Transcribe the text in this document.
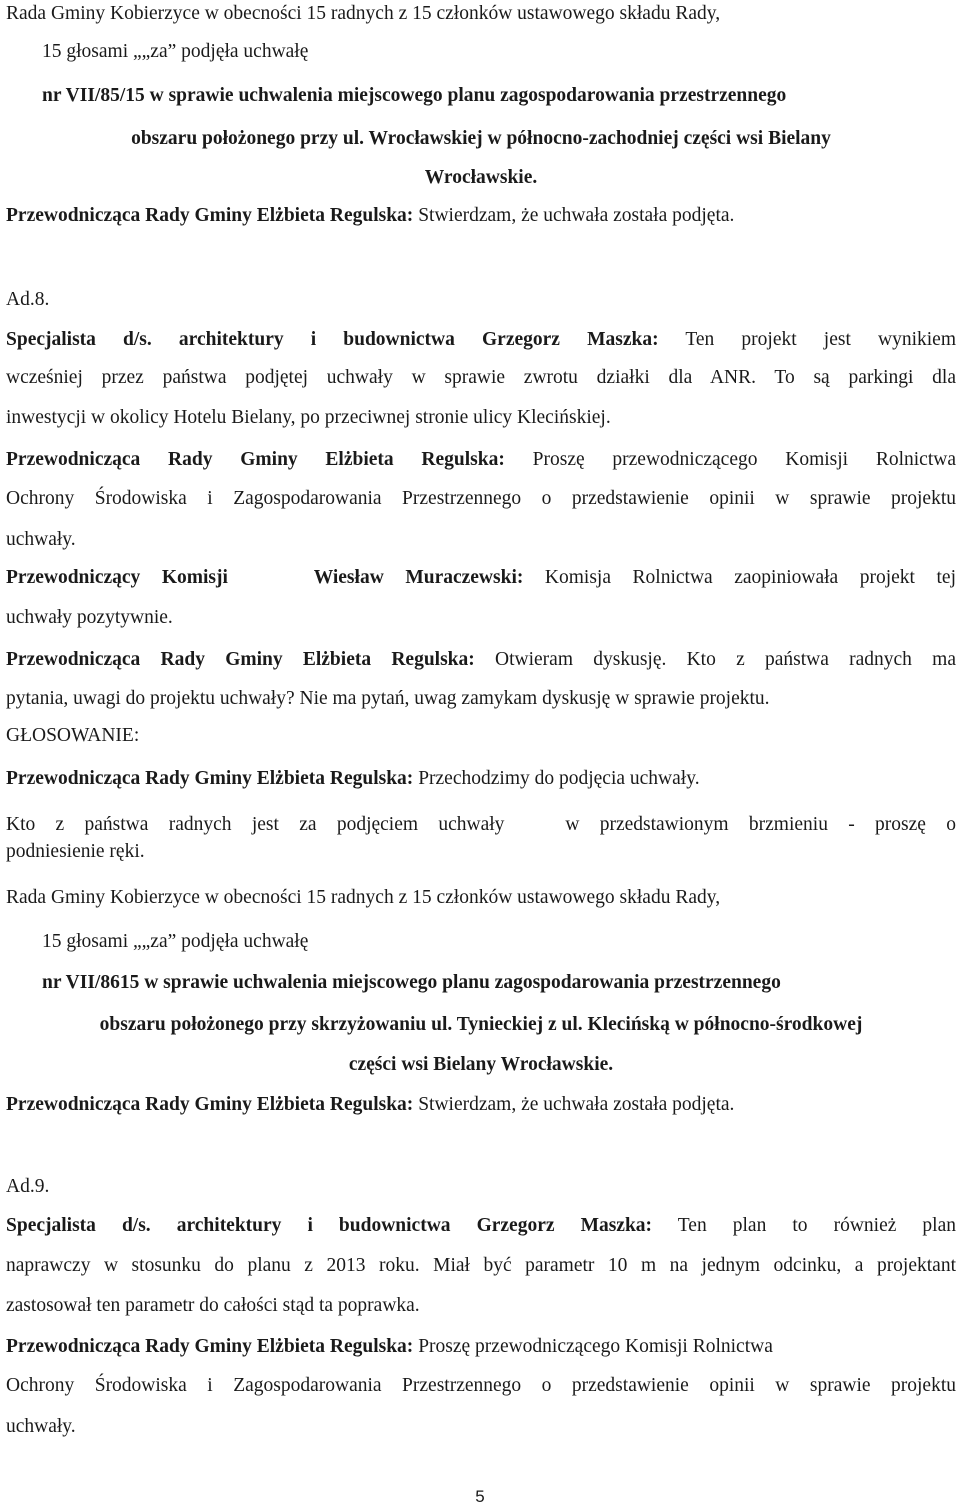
Rada Gminy Kobierzyce w obecności 15 radnych z 15 członków ustawowego składu Rady,

15 głosami „„za” podjęła uchwałę

nr VII/85/15 w sprawie uchwalenia miejscowego planu zagospodarowania przestrzennego

obszaru położonego przy ul. Wrocławskiej w północno-zachodniej części wsi Bielany

Wrocławskie.

Przewodnicząca Rady Gminy Elżbieta Regulska: Stwierdzam, że uchwała została podjęta.

Ad.8.

Specjalista d/s. architektury i budownictwa Grzegorz Maszka: Ten projekt jest wynikiem

wcześniej przez państwa podjętej uchwały w sprawie zwrotu działki dla ANR. To są parkingi dla

inwestycji w okolicy Hotelu Bielany, po przeciwnej stronie ulicy Klecińskiej.

Przewodnicząca Rady Gminy Elżbieta Regulska: Proszę przewodniczącego Komisji Rolnictwa

Ochrony Środowiska i Zagospodarowania Przestrzennego o przedstawienie opinii w sprawie projektu

uchwały.

Przewodniczący Komisji    Wiesław Muraczewski: Komisja Rolnictwa zaopiniowała projekt tej

uchwały pozytywnie.

Przewodnicząca Rady Gminy Elżbieta Regulska: Otwieram dyskusję. Kto z państwa radnych ma

pytania, uwagi do projektu uchwały? Nie ma pytań, uwag zamykam dyskusję w sprawie projektu.

GŁOSOWANIE:

Przewodnicząca Rady Gminy Elżbieta Regulska: Przechodzimy do podjęcia uchwały.

Kto z państwa radnych jest za podjęciem uchwały   w przedstawionym brzmieniu - proszę o

podniesienie ręki.

Rada Gminy Kobierzyce w obecności 15 radnych z 15 członków ustawowego składu Rady,

15 głosami „„za” podjęła uchwałę

nr VII/8615 w sprawie uchwalenia miejscowego planu zagospodarowania przestrzennego

obszaru położonego przy skrzyżowaniu ul. Tynieckiej z ul. Klecińską w północno-środkowej

części wsi Bielany Wrocławskie.

Przewodnicząca Rady Gminy Elżbieta Regulska: Stwierdzam, że uchwała została podjęta.

Ad.9.

Specjalista d/s. architektury i budownictwa Grzegorz Maszka: Ten plan to również plan

naprawczy w stosunku do planu z 2013 roku. Miał być parametr 10 m na jednym odcinku, a projektant

zastosował ten parametr do całości stąd ta poprawka.

Przewodnicząca Rady Gminy Elżbieta Regulska: Proszę przewodniczącego Komisji Rolnictwa

Ochrony Środowiska i Zagospodarowania Przestrzennego o przedstawienie opinii w sprawie projektu

uchwały.

5
